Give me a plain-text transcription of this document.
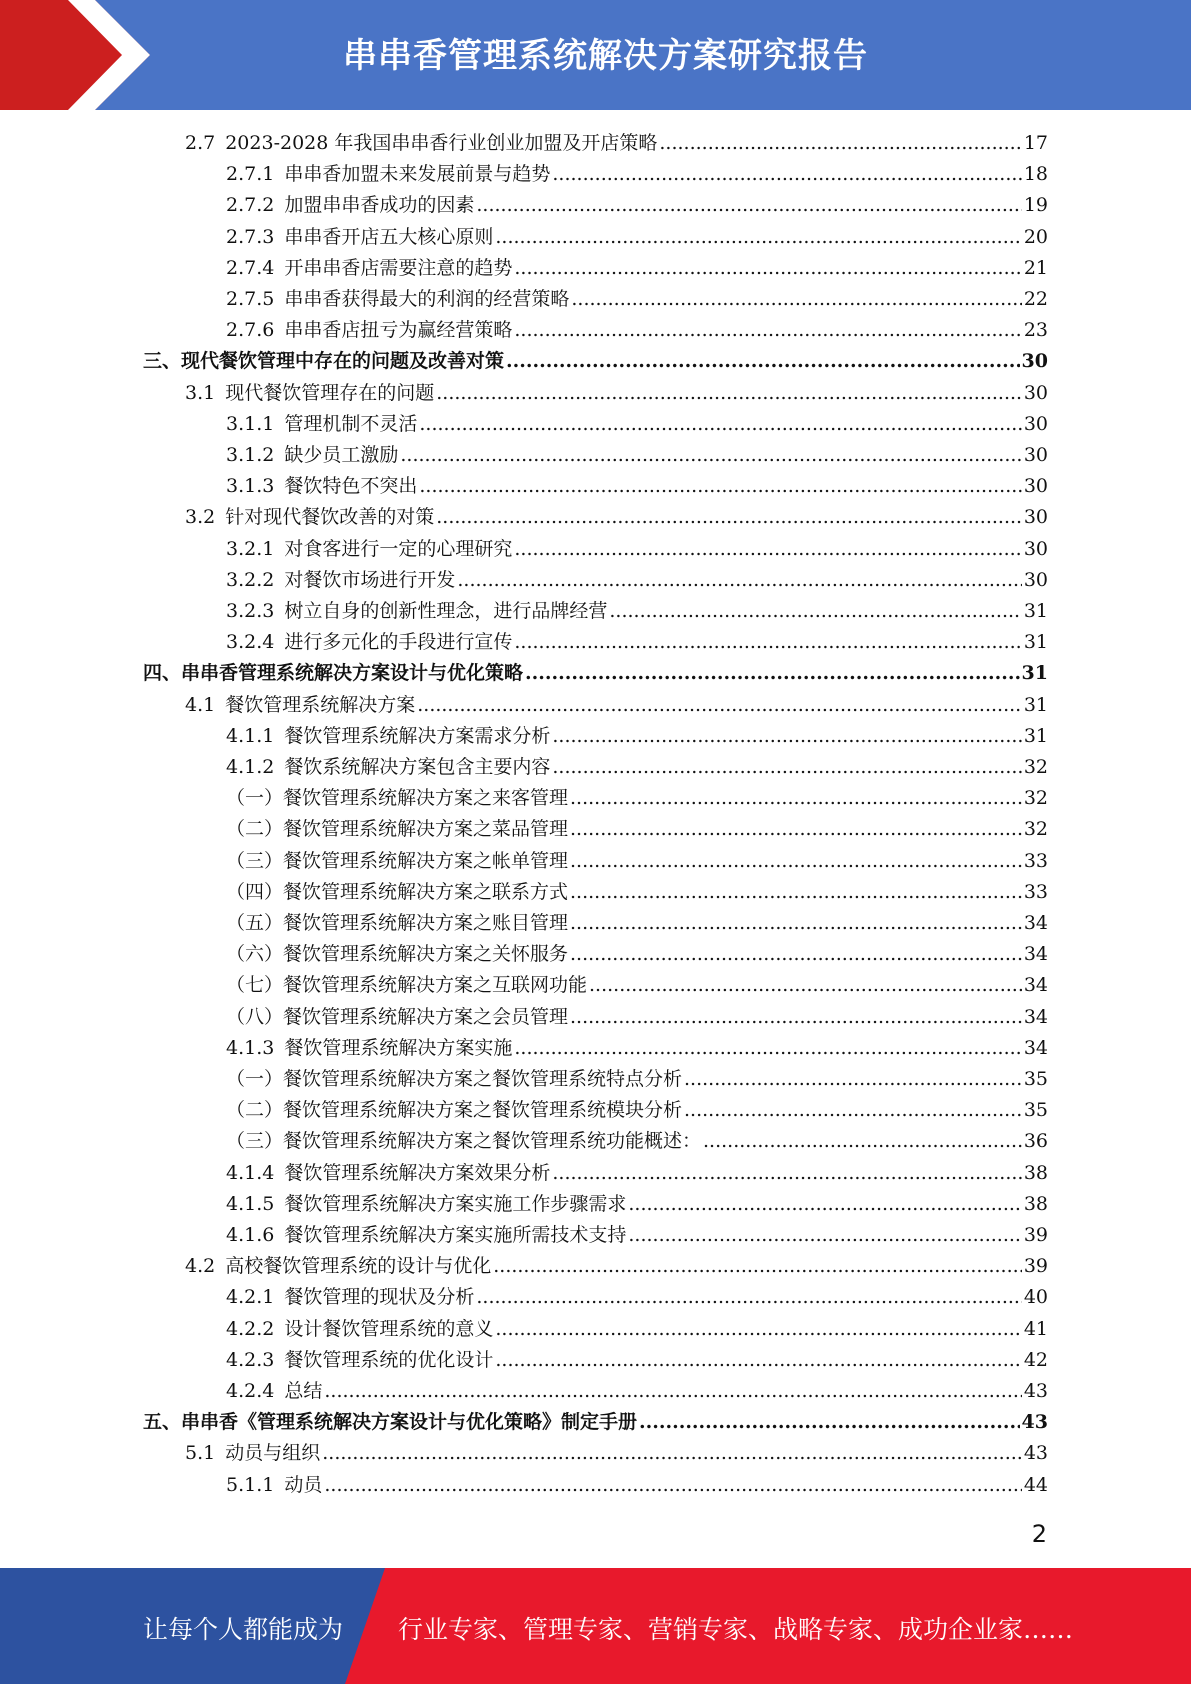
串串香管理系统解决方案研究报告
2.7 2023-2028 年我国串串香行业创业加盟及开店策略 .....	17
2.7.1 串串香加盟未来发展前景与趋势 .....	18
2.7.2 加盟串串香成功的因素 .....	19
2.7.3 串串香开店五大核心原则 .....	20
2.7.4 开串串香店需要注意的趋势 .....	21
2.7.5 串串香获得最大的利润的经营策略 .....	22
2.7.6 串串香店扭亏为赢经营策略 .....	23
三、现代餐饮管理中存在的问题及改善对策 .....	30
3.1 现代餐饮管理存在的问题 .....	30
3.1.1 管理机制不灵活 .....	30
3.1.2 缺少员工激励 .....	30
3.1.3 餐饮特色不突出 .....	30
3.2 针对现代餐饮改善的对策 .....	30
3.2.1 对食客进行一定的心理研究 .....	30
3.2.2 对餐饮市场进行开发 .....	30
3.2.3 树立自身的创新性理念，进行品牌经营 .....	31
3.2.4 进行多元化的手段进行宣传 .....	31
四、串串香管理系统解决方案设计与优化策略 .....	31
4.1 餐饮管理系统解决方案 .....	31
4.1.1 餐饮管理系统解决方案需求分析 .....	31
4.1.2 餐饮系统解决方案包含主要内容 .....	32
（一）餐饮管理系统解决方案之来客管理 .....	32
（二）餐饮管理系统解决方案之菜品管理 .....	32
（三）餐饮管理系统解决方案之帐单管理 .....	33
（四）餐饮管理系统解决方案之联系方式 .....	33
（五）餐饮管理系统解决方案之账目管理 .....	34
（六）餐饮管理系统解决方案之关怀服务 .....	34
（七）餐饮管理系统解决方案之互联网功能 .....	34
（八）餐饮管理系统解决方案之会员管理 .....	34
4.1.3 餐饮管理系统解决方案实施 .....	34
（一）餐饮管理系统解决方案之餐饮管理系统特点分析 .....	35
（二）餐饮管理系统解决方案之餐饮管理系统模块分析 .....	35
（三）餐饮管理系统解决方案之餐饮管理系统功能概述： .....	36
4.1.4 餐饮管理系统解决方案效果分析 .....	38
4.1.5 餐饮管理系统解决方案实施工作步骤需求 .....	38
4.1.6 餐饮管理系统解决方案实施所需技术支持 .....	39
4.2 高校餐饮管理系统的设计与优化 .....	39
4.2.1 餐饮管理的现状及分析 .....	40
4.2.2 设计餐饮管理系统的意义 .....	41
4.2.3 餐饮管理系统的优化设计 .....	42
4.2.4 总结 .....	43
五、串串香《管理系统解决方案设计与优化策略》制定手册 .....	43
5.1 动员与组织 .....	43
5.1.1 动员 .....	44
2
让每个人都能成为 行业专家、管理专家、营销专家、战略专家、成功企业家……
